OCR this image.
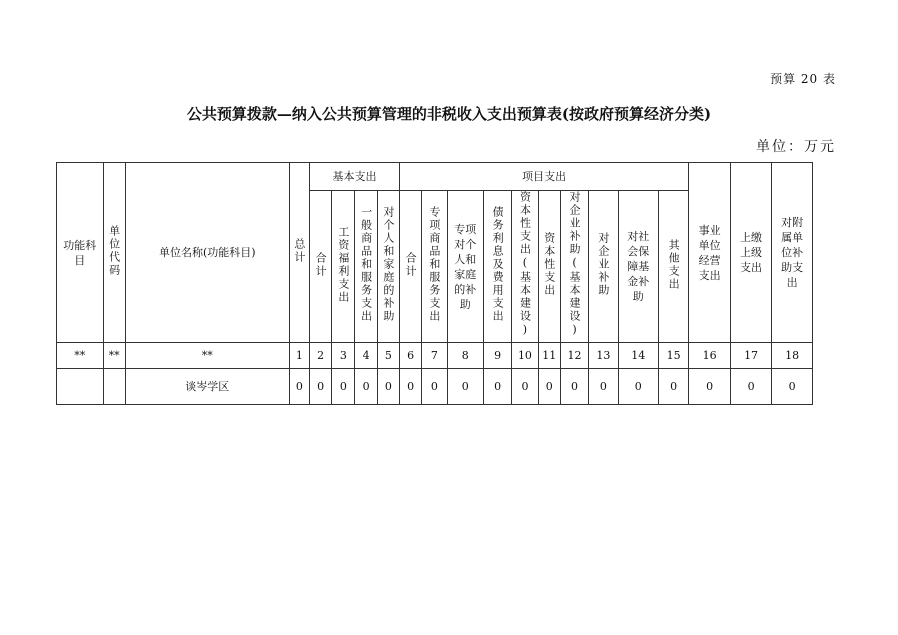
预算 20 表
公共预算拨款—纳入公共预算管理的非税收入支出预算表(按政府预算经济分类)
单位：万元
功能科目	单位代码	单位名称(功能科目)	总计	基本支出				项目支出										事业单位经营支出	上缴上级支出	对附属单位补助支出
				合计	工资福利支出	一般商品和服务支出	对个人和家庭的补助	合计	专项商品和服务支出	专项对个人和家庭的补助	债务利息及费用支出	资本性支出(基本建设)	资本性支出	对企业补助(基本建设)	对企业补助	对社会保障基金补助	其他支出			
**	**	**	1	2	3	4	5	6	7	8	9	10	11	12	13	14	15	16	17	18
		谈岑学区	0	0	0	0	0	0	0	0	0	0	0	0	0	0	0	0	0	0
